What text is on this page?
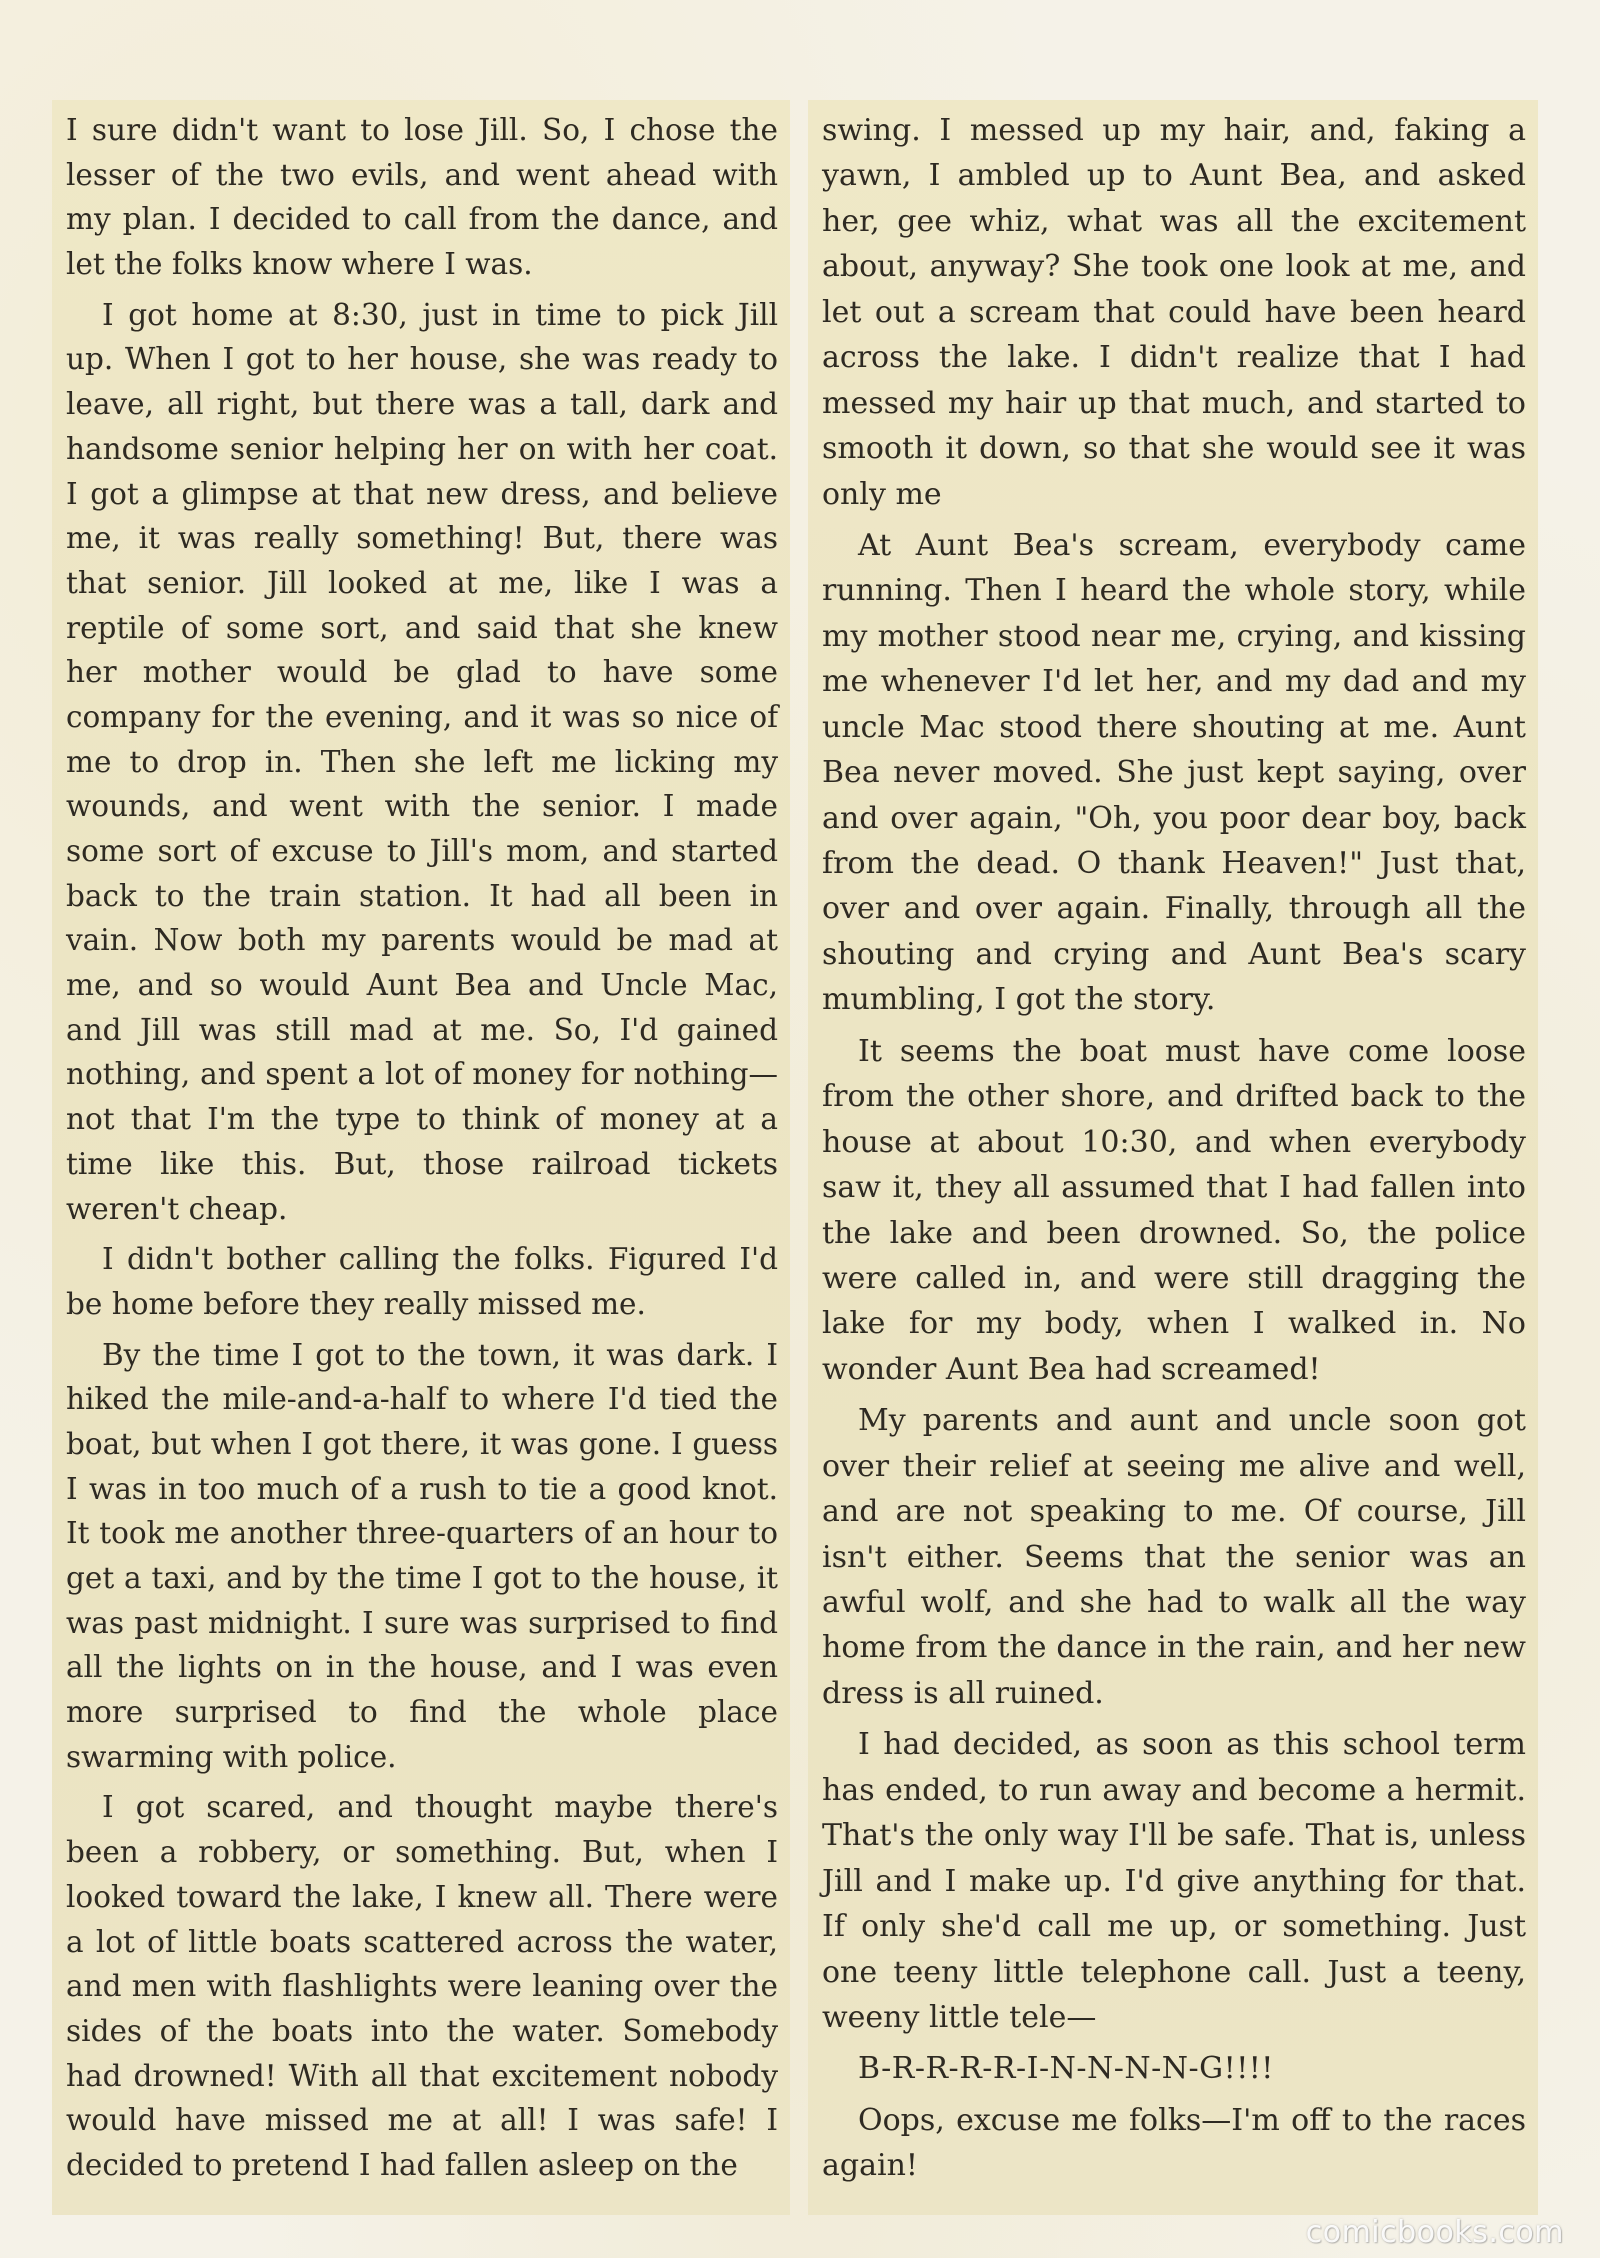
I sure didn't want to lose Jill. So, I chose the lesser of the two evils, and went ahead with my plan. I decided to call from the dance, and let the folks know where I was.

I got home at 8:30, just in time to pick Jill up. When I got to her house, she was ready to leave, all right, but there was a tall, dark and handsome senior helping her on with her coat. I got a glimpse at that new dress, and believe me, it was really something! But, there was that senior. Jill looked at me, like I was a reptile of some sort, and said that she knew her mother would be glad to have some company for the evening, and it was so nice of me to drop in. Then she left me licking my wounds, and went with the senior. I made some sort of excuse to Jill's mom, and started back to the train station. It had all been in vain. Now both my parents would be mad at me, and so would Aunt Bea and Uncle Mac, and Jill was still mad at me. So, I'd gained nothing, and spent a lot of money for nothing—not that I'm the type to think of money at a time like this. But, those railroad tickets weren't cheap.

I didn't bother calling the folks. Figured I'd be home before they really missed me.

By the time I got to the town, it was dark. I hiked the mile-and-a-half to where I'd tied the boat, but when I got there, it was gone. I guess I was in too much of a rush to tie a good knot. It took me another three-quarters of an hour to get a taxi, and by the time I got to the house, it was past midnight. I sure was surprised to find all the lights on in the house, and I was even more surprised to find the whole place swarming with police.

I got scared, and thought maybe there's been a robbery, or something. But, when I looked toward the lake, I knew all. There were a lot of little boats scattered across the water, and men with flashlights were leaning over the sides of the boats into the water. Somebody had drowned! With all that excitement nobody would have missed me at all! I was safe! I decided to pretend I had fallen asleep on the

swing. I messed up my hair, and, faking a yawn, I ambled up to Aunt Bea, and asked her, gee whiz, what was all the excitement about, anyway? She took one look at me, and let out a scream that could have been heard across the lake. I didn't realize that I had messed my hair up that much, and started to smooth it down, so that she would see it was only me

At Aunt Bea's scream, everybody came running. Then I heard the whole story, while my mother stood near me, crying, and kissing me whenever I'd let her, and my dad and my uncle Mac stood there shouting at me. Aunt Bea never moved. She just kept saying, over and over again, "Oh, you poor dear boy, back from the dead. O thank Heaven!" Just that, over and over again. Finally, through all the shouting and crying and Aunt Bea's scary mumbling, I got the story.

It seems the boat must have come loose from the other shore, and drifted back to the house at about 10:30, and when everybody saw it, they all assumed that I had fallen into the lake and been drowned. So, the police were called in, and were still dragging the lake for my body, when I walked in. No wonder Aunt Bea had screamed!

My parents and aunt and uncle soon got over their relief at seeing me alive and well, and are not speaking to me. Of course, Jill isn't either. Seems that the senior was an awful wolf, and she had to walk all the way home from the dance in the rain, and her new dress is all ruined.

I had decided, as soon as this school term has ended, to run away and become a hermit. That's the only way I'll be safe. That is, unless Jill and I make up. I'd give anything for that. If only she'd call me up, or something. Just one teeny little telephone call. Just a teeny, weeny little tele—

B-R-R-R-R-I-N-N-N-N-G!!!!

Oops, excuse me folks—I'm off to the races again!

comicbooks.com
